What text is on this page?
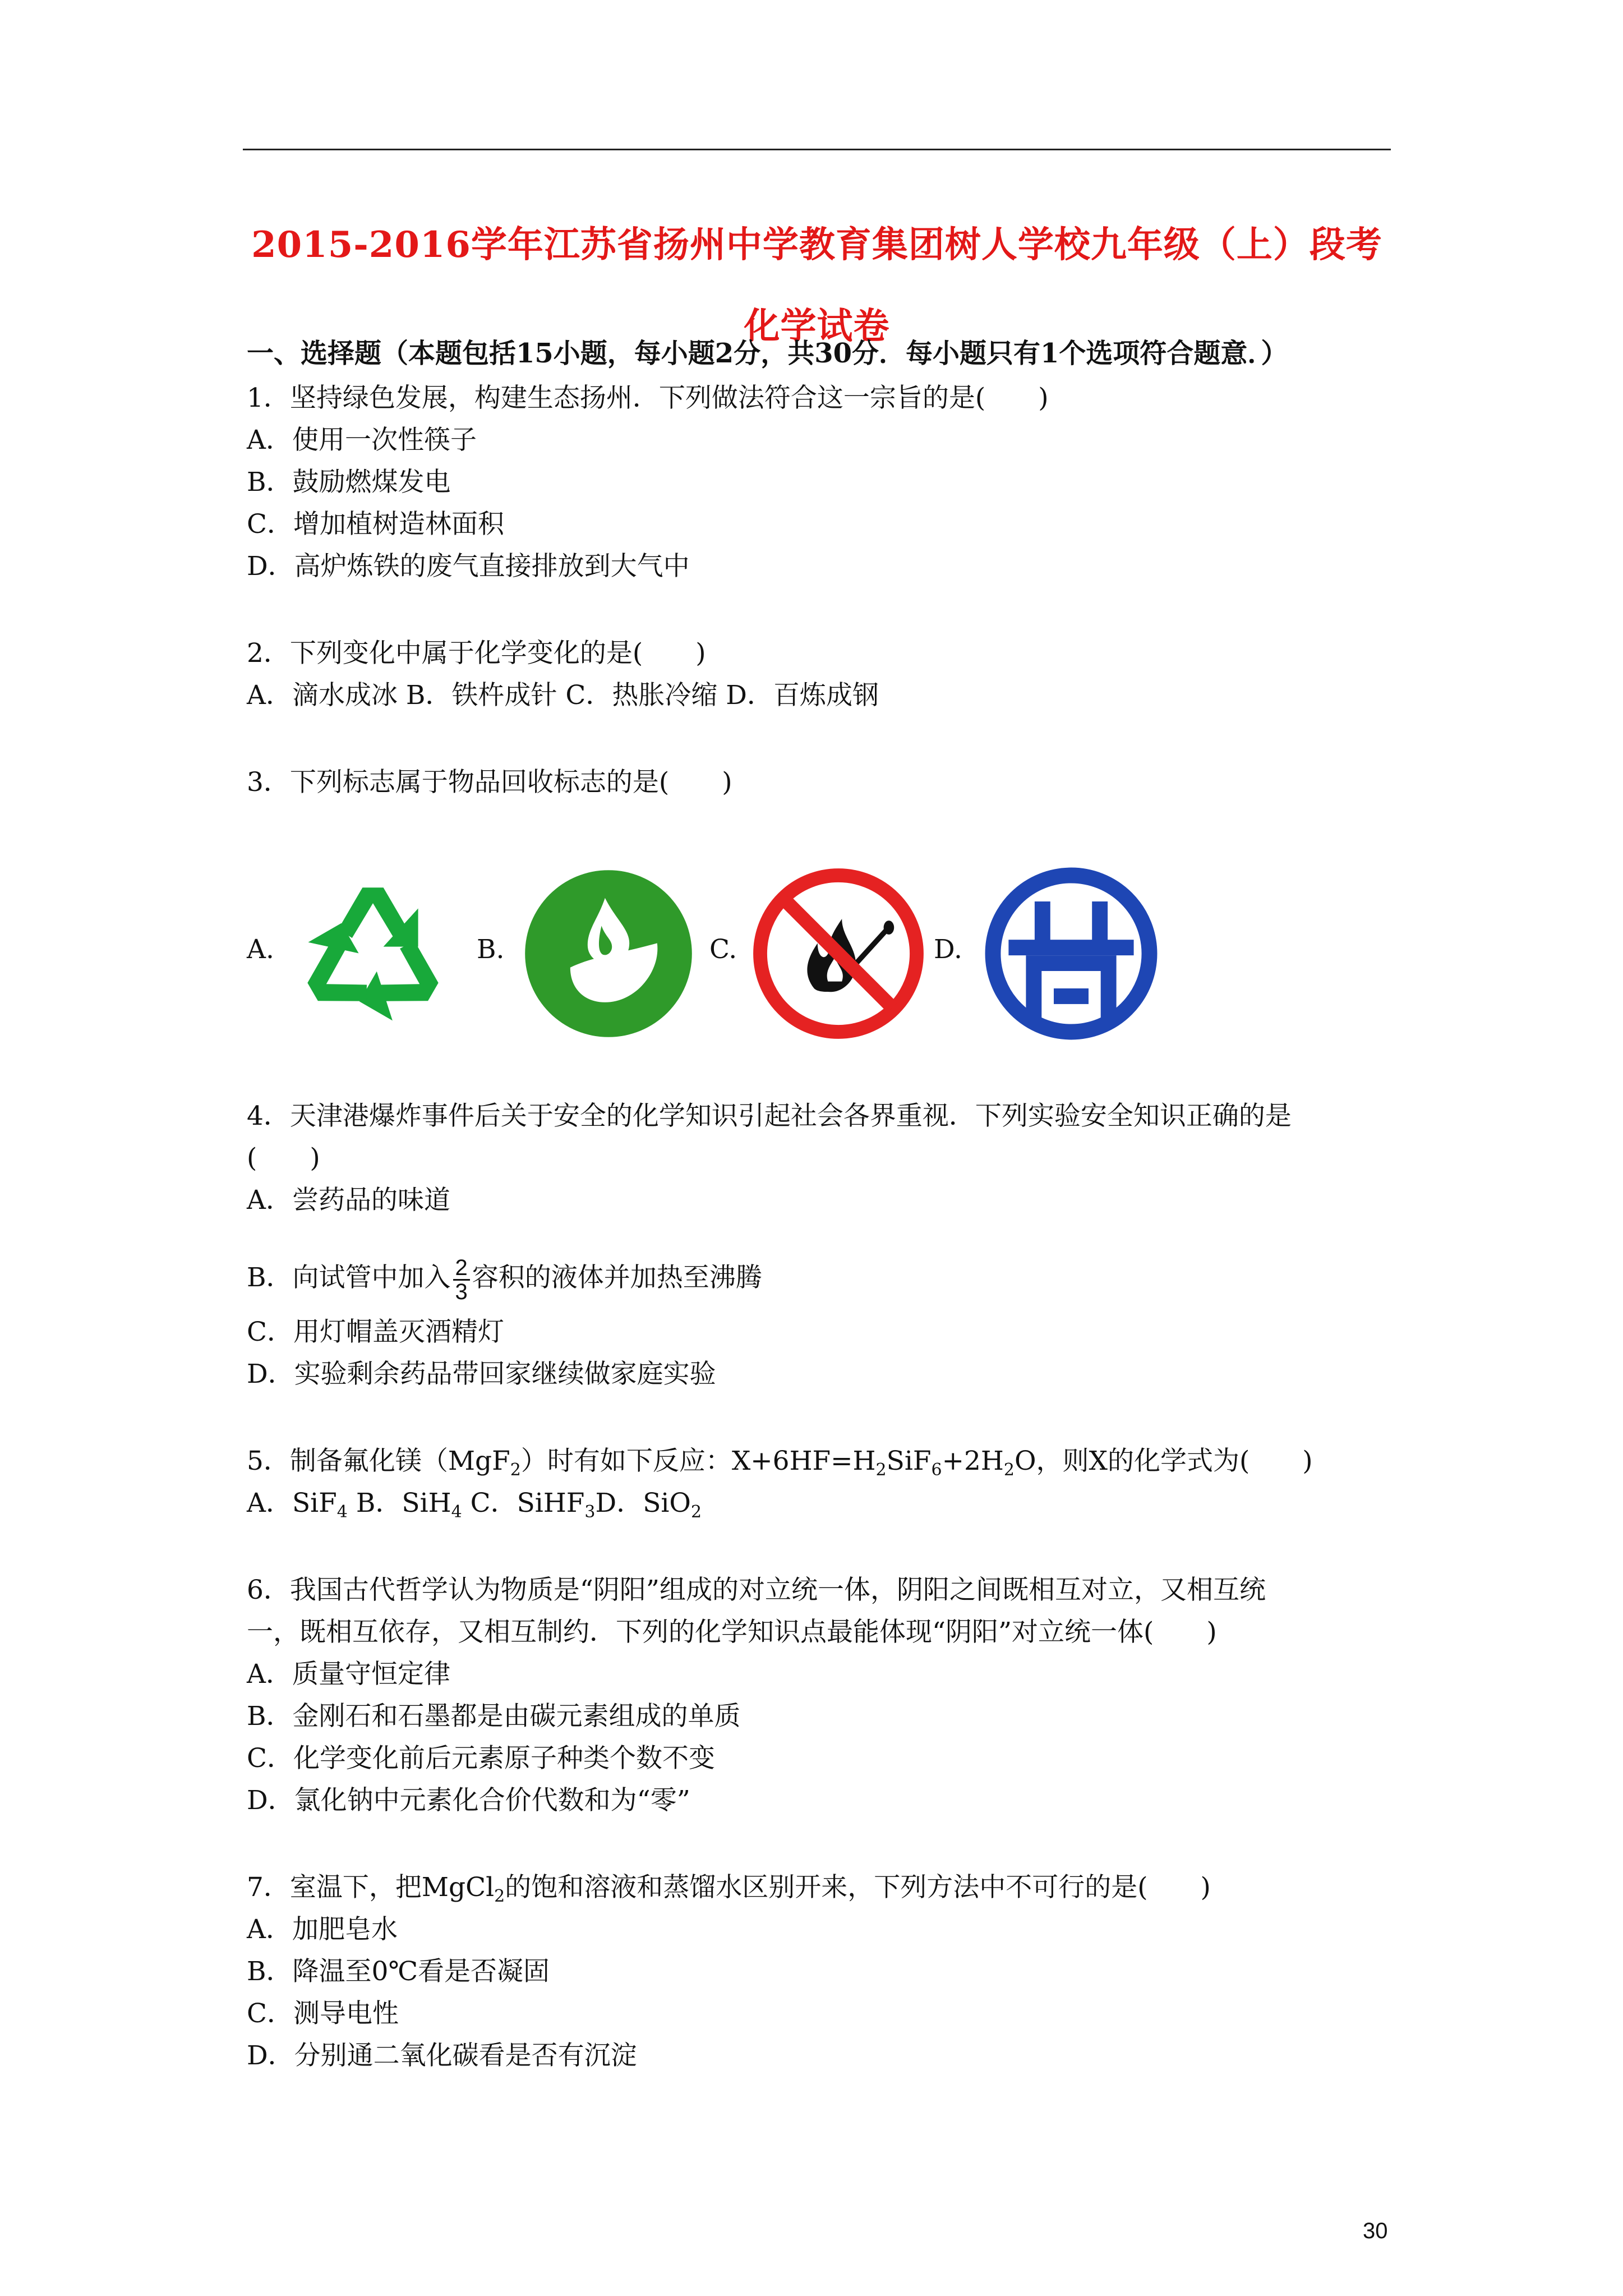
2015-2016学年江苏省扬州中学教育集团树人学校九年级（上）段考
化学试卷
一、选择题（本题包括15小题，每小题2分，共30分．每小题只有1个选项符合题意．）
1．坚持绿色发展，构建生态扬州．下列做法符合这一宗旨的是(　　)
A．使用一次性筷子
B．鼓励燃煤发电
C．增加植树造林面积
D．高炉炼铁的废气直接排放到大气中
2．下列变化中属于化学变化的是(　　)
A．滴水成冰 B．铁杵成针 C．热胀冷缩 D．百炼成钢
3．下列标志属于物品回收标志的是(　　)
A.	B.	C.	D.
4．天津港爆炸事件后关于安全的化学知识引起社会各界重视．下列实验安全知识正确的是
(　　)
A．尝药品的味道
B．向试管中加入 $\frac{2}{3}$ 容积的液体并加热至沸腾
C．用灯帽盖灭酒精灯
D．实验剩余药品带回家继续做家庭实验
5．制备氟化镁（MgF$_2$）时有如下反应：$X+6HF=H_2SiF_6+2H_2O$，则X的化学式为(　　)
A．SiF$_4$ B．SiH$_4$ C．SiHF$_3$D．SiO$_2$
6．我国古代哲学认为物质是“阴阳”组成的对立统一体，阴阳之间既相互对立，又相互统
一，既相互依存，又相互制约．下列的化学知识点最能体现“阴阳”对立统一体(　　)
A．质量守恒定律
B．金刚石和石墨都是由碳元素组成的单质
C．化学变化前后元素原子种类个数不变
D．氯化钠中元素化合价代数和为“零”
7．室温下，把MgCl$_2$的饱和溶液和蒸馏水区别开来，下列方法中不可行的是(　　)
A．加肥皂水
B．降温至0℃看是否凝固
C．测导电性
D．分别通二氧化碳看是否有沉淀
30
